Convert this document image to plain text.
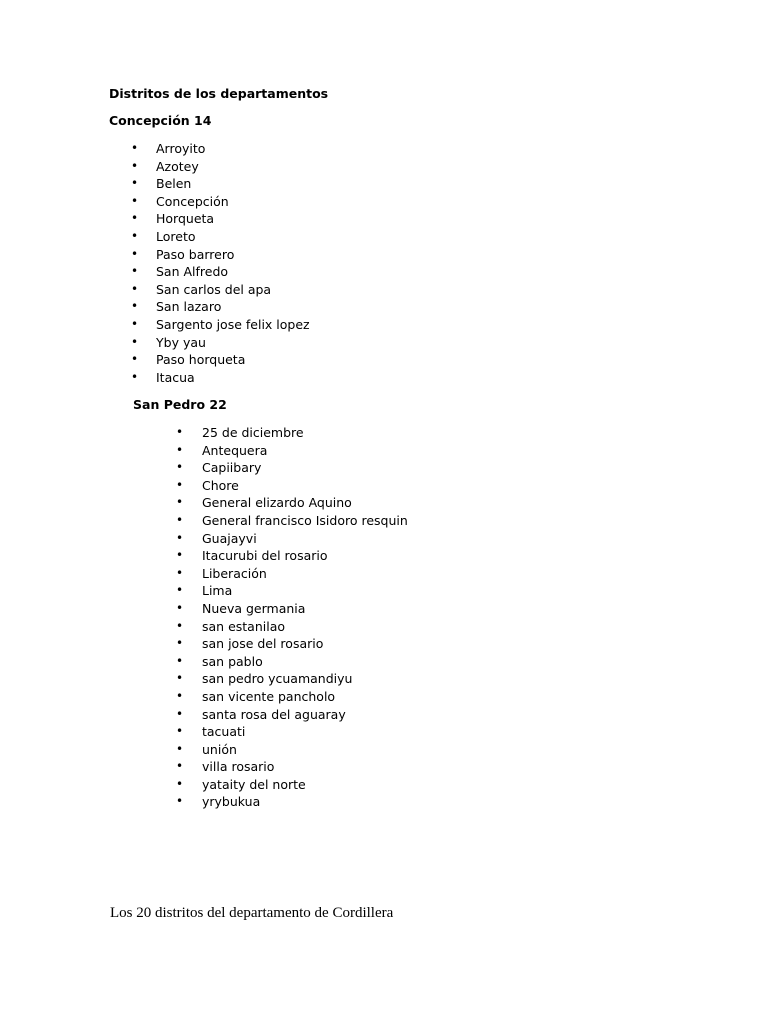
Distritos de los departamentos

Concepción 14

• Arroyito
• Azotey
• Belen
• Concepción
• Horqueta
• Loreto
• Paso barrero
• San Alfredo
• San carlos del apa
• San lazaro
• Sargento jose felix lopez
• Yby yau
• Paso horqueta
• Itacua

San Pedro 22

• 25 de diciembre
• Antequera
• Capiibary
• Chore
• General elizardo Aquino
• General francisco Isidoro resquin
• Guajayvi
• Itacurubi del rosario
• Liberación
• Lima
• Nueva germania
• san estanilao
• san jose del rosario
• san pablo
• san pedro ycuamandiyu
• san vicente pancholo
• santa rosa del aguaray
• tacuati
• unión
• villa rosario
• yataity del norte
• yrybukua

Los 20 distritos del departamento de Cordillera
